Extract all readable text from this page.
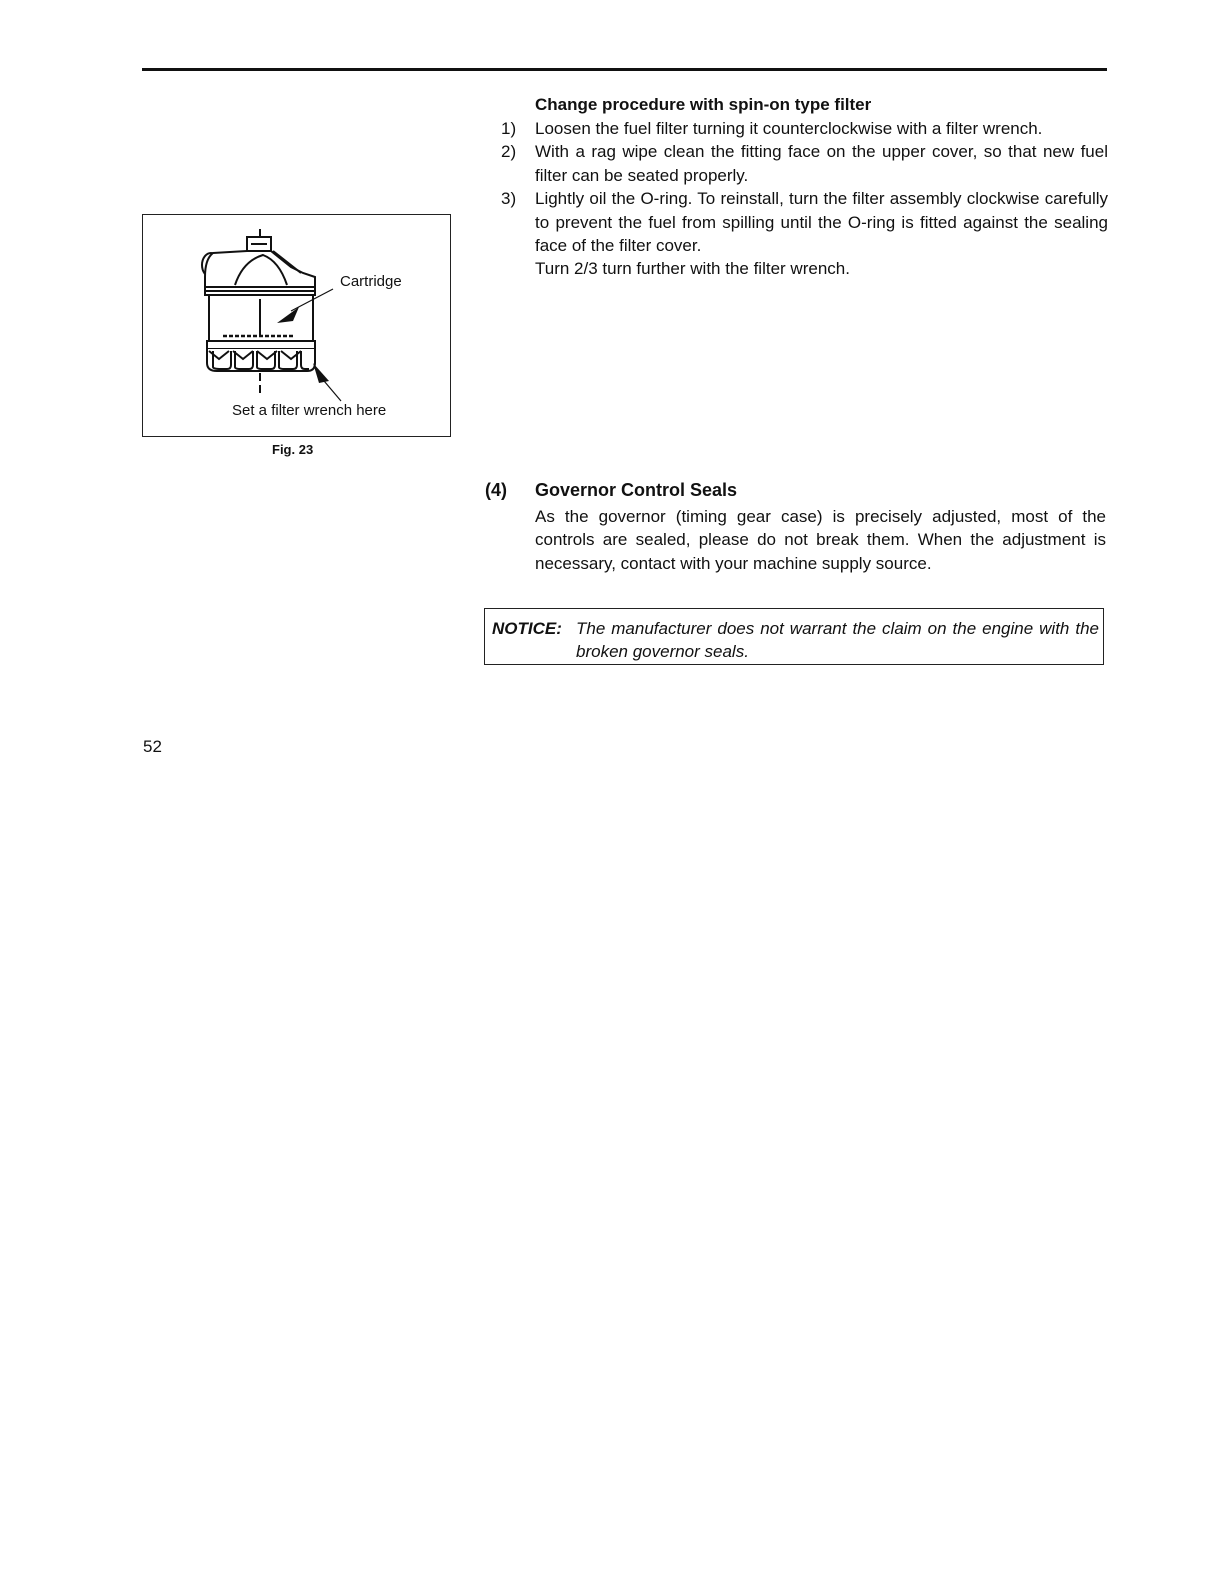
Change procedure with spin-on type filter
1) Loosen the fuel filter turning it counterclockwise with a filter wrench.
2) With a rag wipe clean the fitting face on the upper cover, so that new fuel filter can be seated properly.
3) Lightly oil the O-ring. To reinstall, turn the filter assembly clockwise carefully to prevent the fuel from spilling until the O-ring is fitted against the sealing face of the filter cover.
Turn 2/3 turn further with the filter wrench.
Cartridge
Set a filter wrench here
Fig. 23
(4) Governor Control Seals

As the governor (timing gear case) is precisely adjusted, most of the controls are sealed, please do not break them. When the adjustment is necessary, contact with your machine supply source.

NOTICE: The manufacturer does not warrant the claim on the engine with the broken governor seals.
52
